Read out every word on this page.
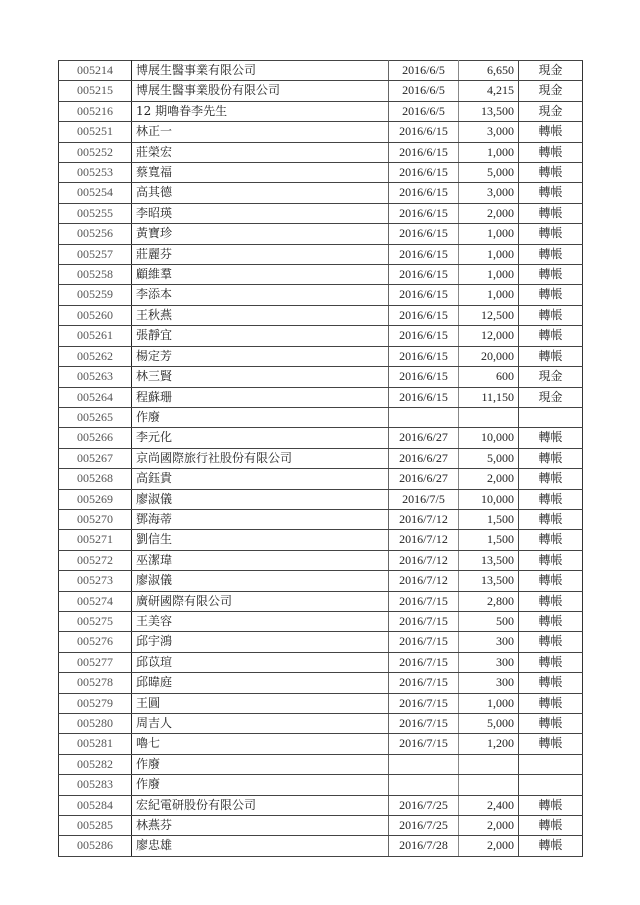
005214	博展生醫事業有限公司	2016/6/5	6,650	現金
005215	博展生醫事業股份有限公司	2016/6/5	4,215	現金
005216	12 期嚕眷李先生	2016/6/5	13,500	現金
005251	林正一	2016/6/15	3,000	轉帳
005252	莊榮宏	2016/6/15	1,000	轉帳
005253	蔡寬福	2016/6/15	5,000	轉帳
005254	高其德	2016/6/15	3,000	轉帳
005255	李昭瑛	2016/6/15	2,000	轉帳
005256	黃寶珍	2016/6/15	1,000	轉帳
005257	莊麗芬	2016/6/15	1,000	轉帳
005258	顧維羣	2016/6/15	1,000	轉帳
005259	李添本	2016/6/15	1,000	轉帳
005260	王秋燕	2016/6/15	12,500	轉帳
005261	張靜宜	2016/6/15	12,000	轉帳
005262	楊定芳	2016/6/15	20,000	轉帳
005263	林三賢	2016/6/15	600	現金
005264	程蘇珊	2016/6/15	11,150	現金
005265	作廢			
005266	李元化	2016/6/27	10,000	轉帳
005267	京尚國際旅行社股份有限公司	2016/6/27	5,000	轉帳
005268	高鈺貴	2016/6/27	2,000	轉帳
005269	廖淑儀	2016/7/5	10,000	轉帳
005270	鄧海蒂	2016/7/12	1,500	轉帳
005271	劉信生	2016/7/12	1,500	轉帳
005272	巫潔瑋	2016/7/12	13,500	轉帳
005273	廖淑儀	2016/7/12	13,500	轉帳
005274	廣研國際有限公司	2016/7/15	2,800	轉帳
005275	王美容	2016/7/15	500	轉帳
005276	邱宇鴻	2016/7/15	300	轉帳
005277	邱苡瑄	2016/7/15	300	轉帳
005278	邱暐庭	2016/7/15	300	轉帳
005279	王圓	2016/7/15	1,000	轉帳
005280	周吉人	2016/7/15	5,000	轉帳
005281	嚕七	2016/7/15	1,200	轉帳
005282	作廢			
005283	作廢			
005284	宏紀電研股份有限公司	2016/7/25	2,400	轉帳
005285	林燕芬	2016/7/25	2,000	轉帳
005286	廖忠雄	2016/7/28	2,000	轉帳
